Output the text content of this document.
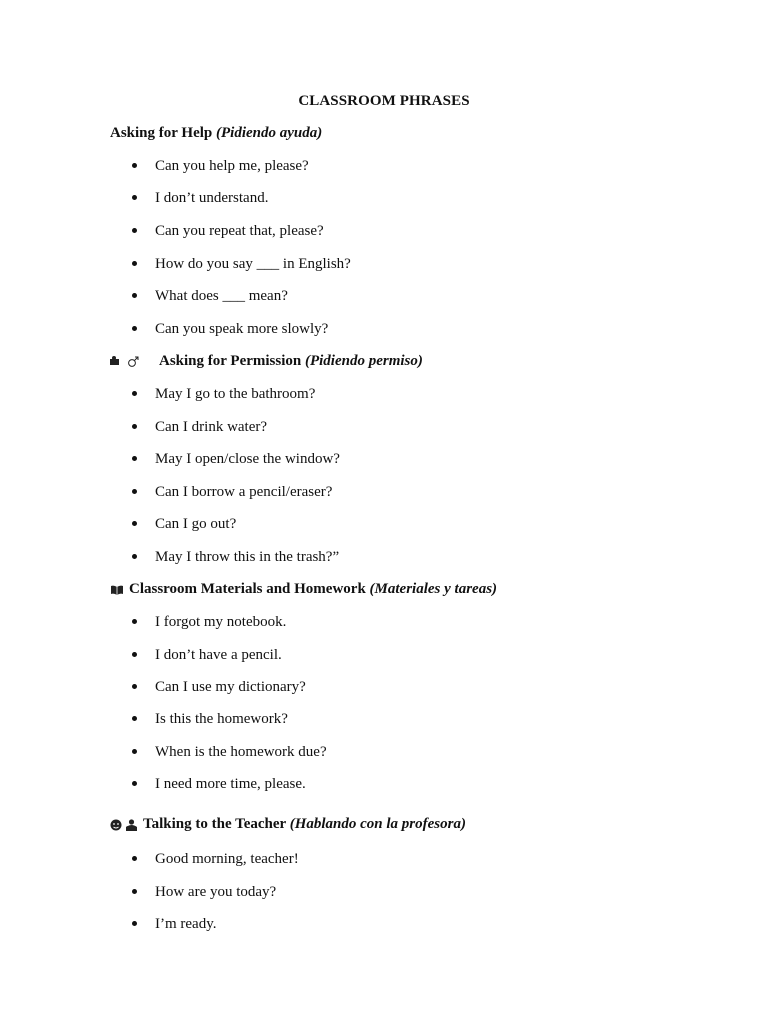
CLASSROOM PHRASES
Asking for Help (Pidiendo ayuda)
Can you help me, please?
I don’t understand.
Can you repeat that, please?
How do you say ___ in English?
What does ___ mean?
Can you speak more slowly?
Asking for Permission (Pidiendo permiso)
May I go to the bathroom?
Can I drink water?
May I open/close the window?
Can I borrow a pencil/eraser?
Can I go out?
May I throw this in the trash?”
Classroom Materials and Homework (Materiales y tareas)
I forgot my notebook.
I don’t have a pencil.
Can I use my dictionary?
Is this the homework?
When is the homework due?
I need more time, please.
Talking to the Teacher (Hablando con la profesora)
Good morning, teacher!
How are you today?
I’m ready.
